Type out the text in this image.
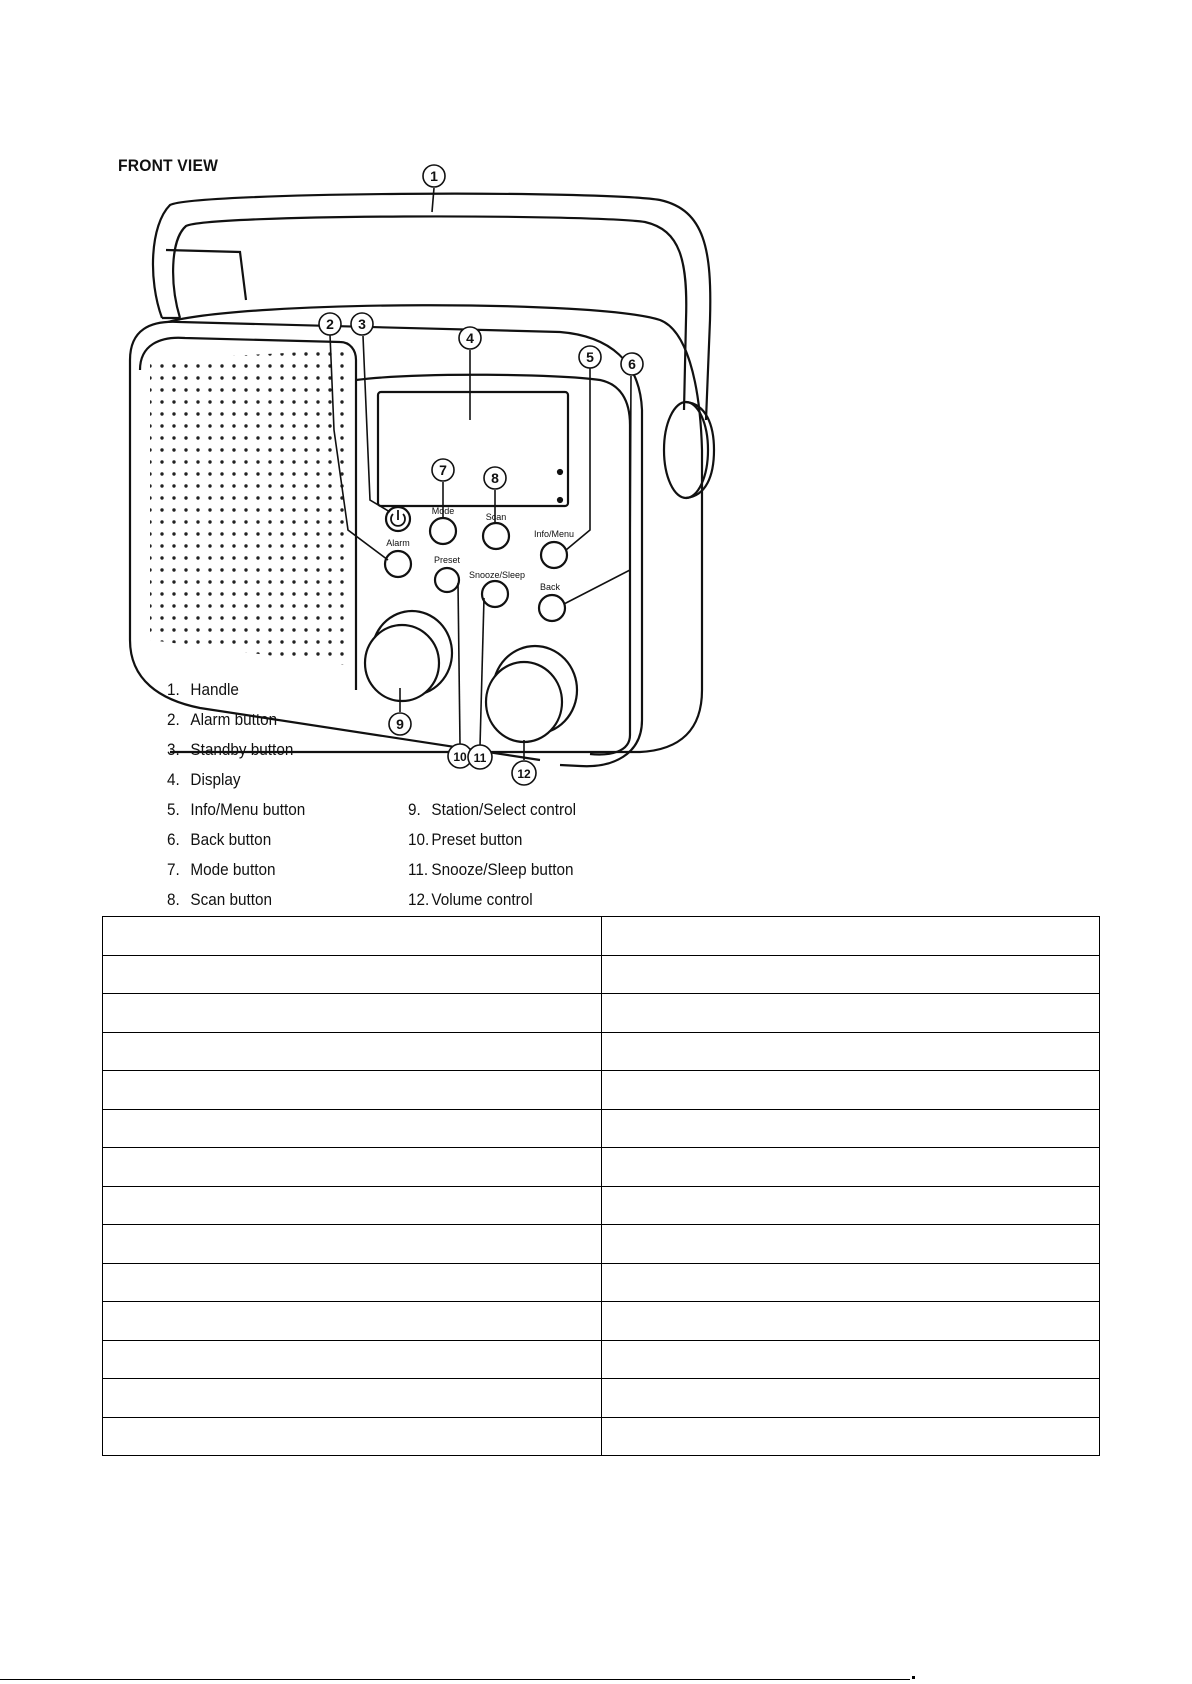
FRONT VIEW
Alarm
Mode
Scan
Info/Menu
Preset
Snooze/Sleep
Back
1
2 3
4
5 6
7	8
9
10 11
12
1. Handle
2. Alarm button
3. Standby button
4. Display
5. Info/Menu button
6. Back button
7. Mode button
8. Scan button
9. Station/Select control
10. Preset button
11. Snooze/Sleep button
12. Volume control
